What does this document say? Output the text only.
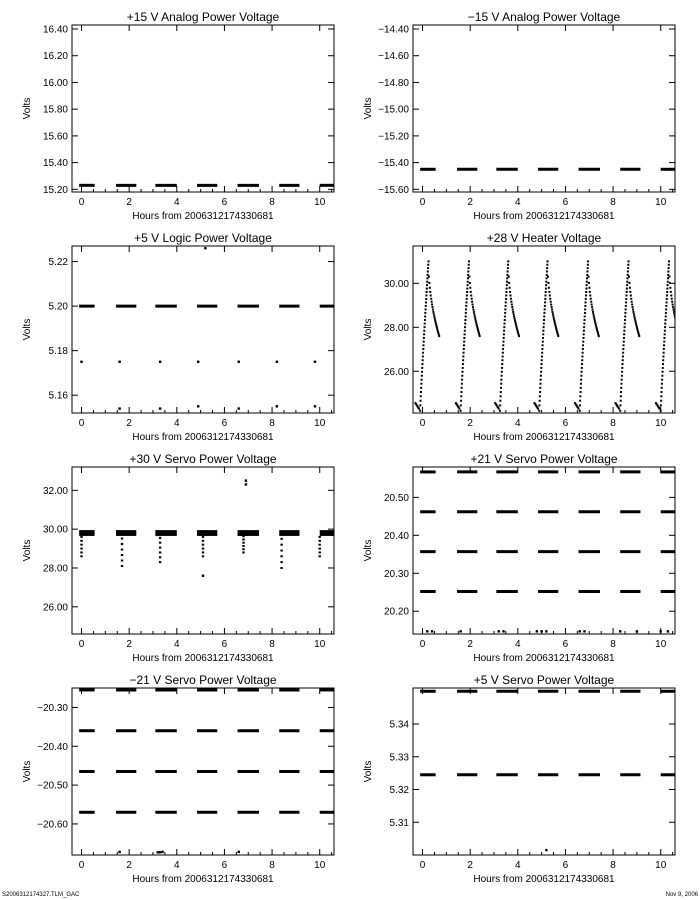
+15 V Analog Power Voltage
0	2	4	6	8	10
15.20
15.40
15.60
15.80
16.00
16.20
16.40
Hours from 2006312174330681
Volts
−15 V Analog Power Voltage
0	2	4	6	8	10
−15.60
−15.40
−15.20
−15.00
−14.80
−14.60
−14.40
Hours from 2006312174330681
Volts
+5 V Logic Power Voltage
0	2	4	6	8	10
5.16
5.18
5.20
5.22
Hours from 2006312174330681
Volts
+28 V Heater Voltage
0	2	4	6	8	10
26.00
28.00
30.00
Hours from 2006312174330681
Volts
+30 V Servo Power Voltage
0	2	4	6	8	10
26.00
28.00
30.00
32.00
Hours from 2006312174330681
Volts
+21 V Servo Power Voltage
0	2	4	6	8	10
20.20
20.30
20.40
20.50
Hours from 2006312174330681
Volts
−21 V Servo Power Voltage
0	2	4	6	8	10
−20.60
−20.50
−20.40
−20.30
Hours from 2006312174330681
Volts
+5 V Servo Power Voltage
0	2	4	6	8	10
5.31
5.32
5.33
5.34
Hours from 2006312174330681
Volts
S2006312174327.TLM_GAC	Nov 9, 2006
